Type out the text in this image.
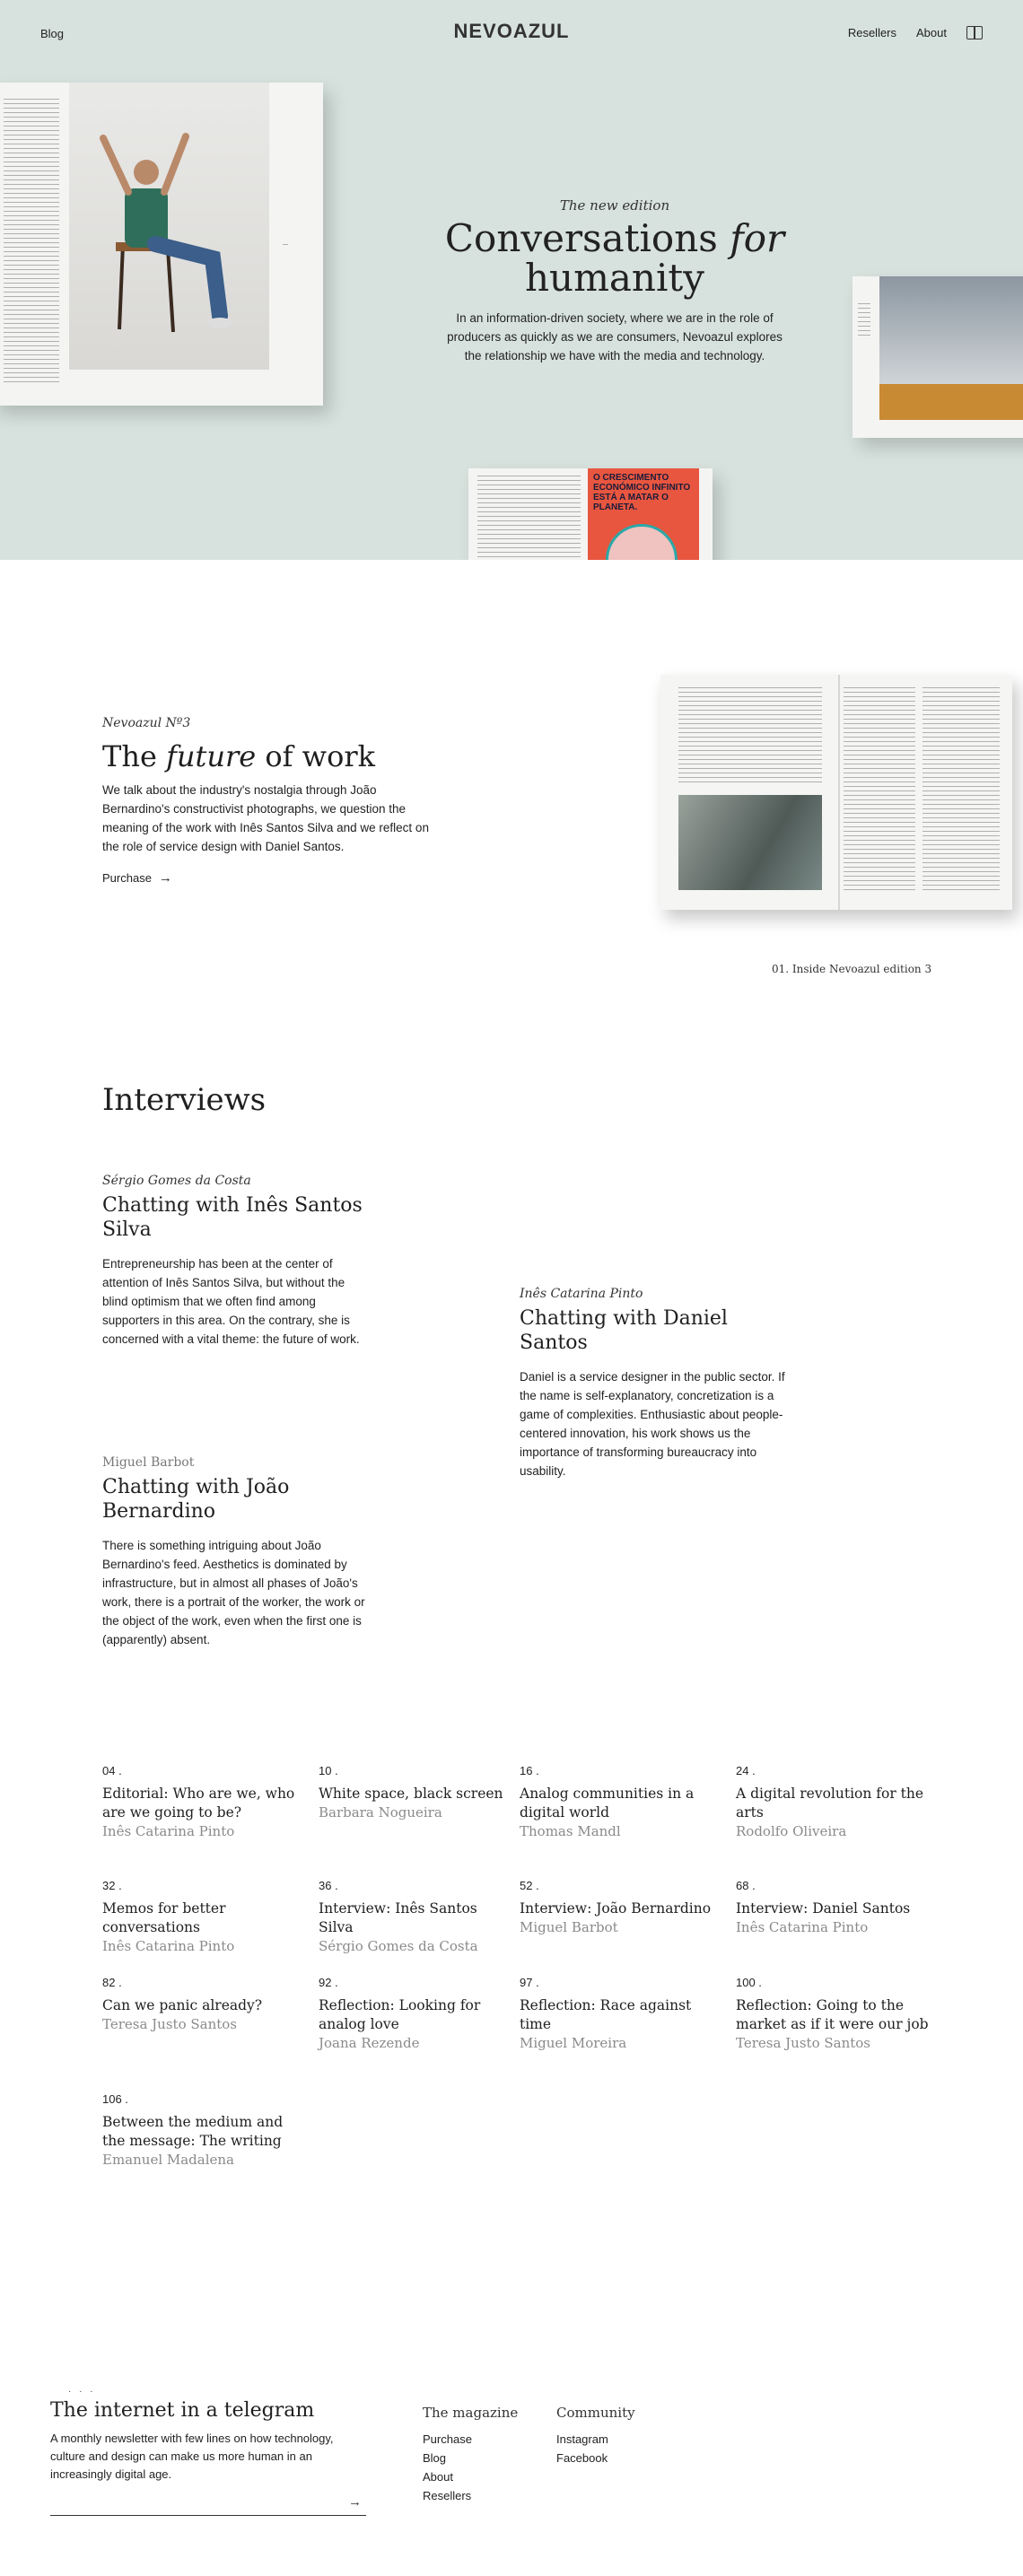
Blog	NEVOAZUL	Resellers About
O CRESCIMENTO ECONÓMICO INFINITO ESTÁ A MATAR O PLANETA.
The new edition
Conversations for
humanity

In an information-driven society, where we are in the role of producers as quickly as we are consumers, Nevoazul explores the relationship we have with the media and technology.

Nevoazul Nº3
The future of work

We talk about the industry's nostalgia through João Bernardino's constructivist photographs, we question the meaning of the work with Inês Santos Silva and we reflect on the role of service design with Daniel Santos.

Purchase →
01. Inside Nevoazul edition 3
Interviews
Sérgio Gomes da Costa
Chatting with Inês Santos Silva

Entrepreneurship has been at the center of attention of Inês Santos Silva, but without the blind optimism that we often find among supporters in this area. On the contrary, she is concerned with a vital theme: the future of work.

Inês Catarina Pinto
Chatting with Daniel Santos

Daniel is a service designer in the public sector. If the name is self-explanatory, concretization is a game of complexities. Enthusiastic about people-centered innovation, his work shows us the importance of transforming bureaucracy into usability.

Miguel Barbot
Chatting with João Bernardino

There is something intriguing about João Bernardino's feed. Aesthetics is dominated by infrastructure, but in almost all phases of João's work, there is a portrait of the worker, the work or the object of the work, even when the first one is (apparently) absent.

04 .
Editorial: Who are we, who are we going to be?
Inês Catarina Pinto
10 .
White space, black screen
Barbara Nogueira
16 .
Analog communities in a digital world
Thomas Mandl
24 .
A digital revolution for the arts
Rodolfo Oliveira
32 .
Memos for better conversations
Inês Catarina Pinto
36 .
Interview: Inês Santos Silva
Sérgio Gomes da Costa
52 .
Interview: João Bernardino
Miguel Barbot
68 .
Interview: Daniel Santos
Inês Catarina Pinto
82 .
Can we panic already?
Teresa Justo Santos
92 .
Reflection: Looking for analog love
Joana Rezende
97 .
Reflection: Race against time
Miguel Moreira
100 .
Reflection: Going to the market as if it were our job
Teresa Justo Santos
106 .
Between the medium and the message: The writing
Emanuel Madalena
· · ·
The internet in a telegram

A monthly newsletter with few lines on how technology, culture and design can make us more human in an increasingly digital age.

→
The magazine
Purchase
Blog
About
Resellers
Community
Instagram
Facebook
